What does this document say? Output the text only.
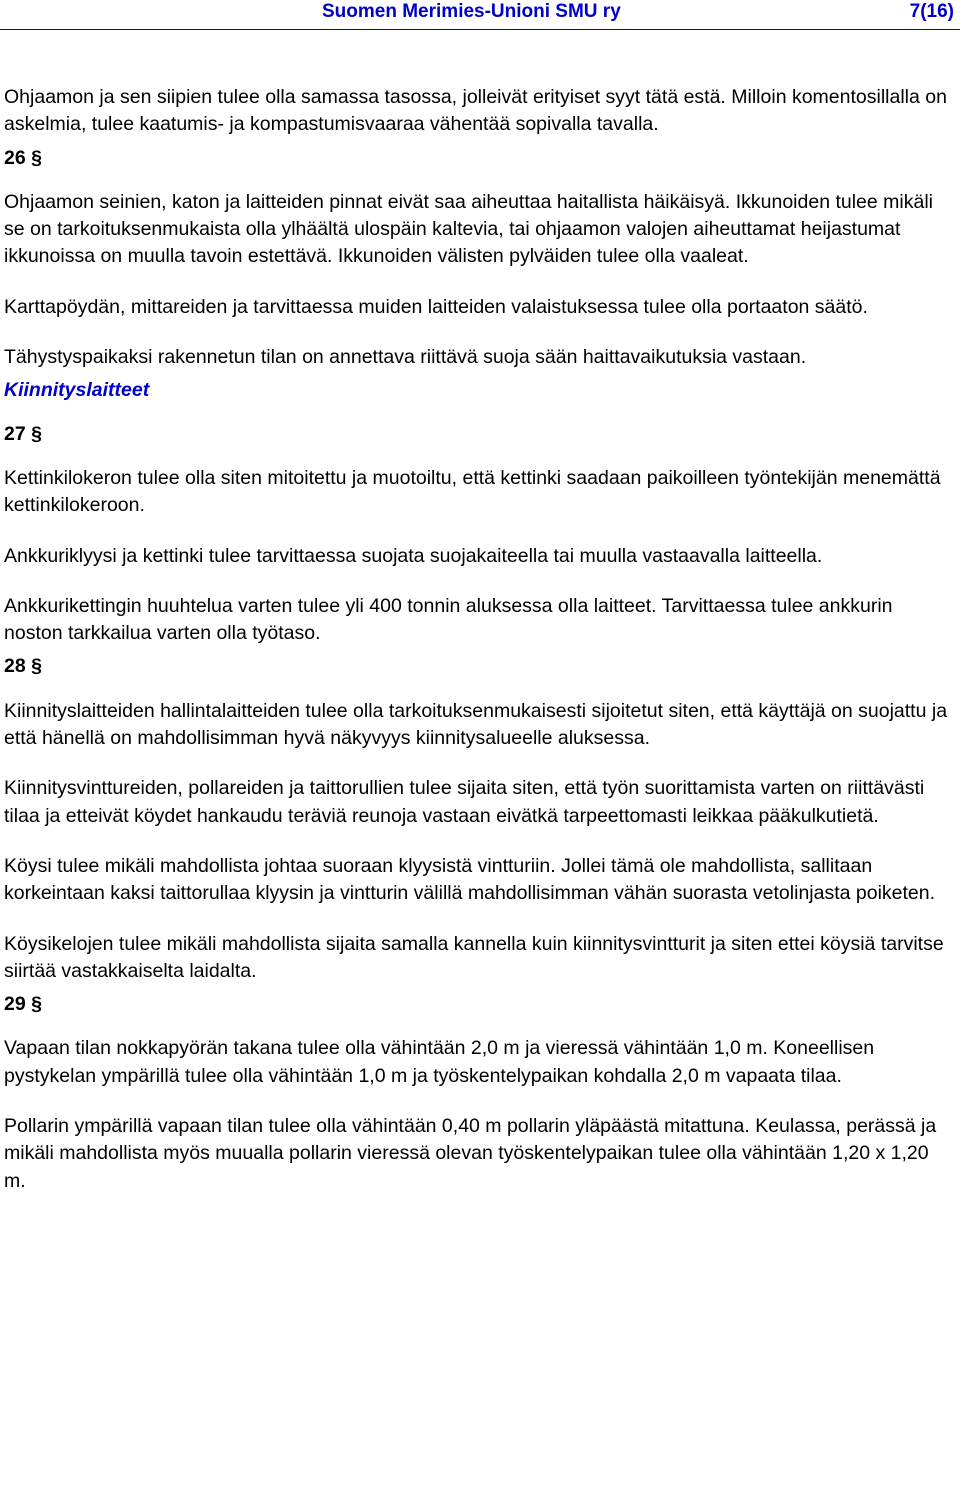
Suomen Merimies-Unioni SMU ry	7(16)

Ohjaamon ja sen siipien tulee olla samassa tasossa, jolleivät erityiset syyt tätä estä. Milloin komentosillalla on askelmia, tulee kaatumis- ja kompastumisvaaraa vähentää sopivalla tavalla.

26 §

Ohjaamon seinien, katon ja laitteiden pinnat eivät saa aiheuttaa haitallista häikäisyä. Ikkunoiden tulee mikäli se on tarkoituksenmukaista olla ylhäältä ulospäin kaltevia, tai ohjaamon valojen aiheuttamat heijastumat ikkunoissa on muulla tavoin estettävä. Ikkunoiden välisten pylväiden tulee olla vaaleat.

Karttapöydän, mittareiden ja tarvittaessa muiden laitteiden valaistuksessa tulee olla portaaton säätö.

Tähystyspaikaksi rakennetun tilan on annettava riittävä suoja sään haittavaikutuksia vastaan.

Kiinnityslaitteet
27 §

Kettinkilokeron tulee olla siten mitoitettu ja muotoiltu, että kettinki saadaan paikoilleen työntekijän menemättä kettinkilokeroon.

Ankkuriklyysi ja kettinki tulee tarvittaessa suojata suojakaiteella tai muulla vastaavalla laitteella.

Ankkurikettingin huuhtelua varten tulee yli 400 tonnin aluksessa olla laitteet. Tarvittaessa tulee ankkurin noston tarkkailua varten olla työtaso.

28 §

Kiinnityslaitteiden hallintalaitteiden tulee olla tarkoituksenmukaisesti sijoitetut siten, että käyttäjä on suojattu ja että hänellä on mahdollisimman hyvä näkyvyys kiinnitysalueelle aluksessa.

Kiinnitysvinttureiden, pollareiden ja taittorullien tulee sijaita siten, että työn suorittamista varten on riittävästi tilaa ja etteivät köydet hankaudu teräviä reunoja vastaan eivätkä tarpeettomasti leikkaa pääkulkutietä.

Köysi tulee mikäli mahdollista johtaa suoraan klyysistä vintturiin. Jollei tämä ole mahdollista, sallitaan korkeintaan kaksi taittorullaa klyysin ja vintturin välillä mahdollisimman vähän suorasta vetolinjasta poiketen.

Köysikelojen tulee mikäli mahdollista sijaita samalla kannella kuin kiinnitysvintturit ja siten ettei köysiä tarvitse siirtää vastakkaiselta laidalta.

29 §

Vapaan tilan nokkapyörän takana tulee olla vähintään 2,0 m ja vieressä vähintään 1,0 m. Koneellisen pystykelan ympärillä tulee olla vähintään 1,0 m ja työskentelypaikan kohdalla 2,0 m vapaata tilaa.

Pollarin ympärillä vapaan tilan tulee olla vähintään 0,40 m pollarin yläpäästä mitattuna. Keulassa, perässä ja mikäli mahdollista myös muualla pollarin vieressä olevan työskentelypaikan tulee olla vähintään 1,20 x 1,20 m.
